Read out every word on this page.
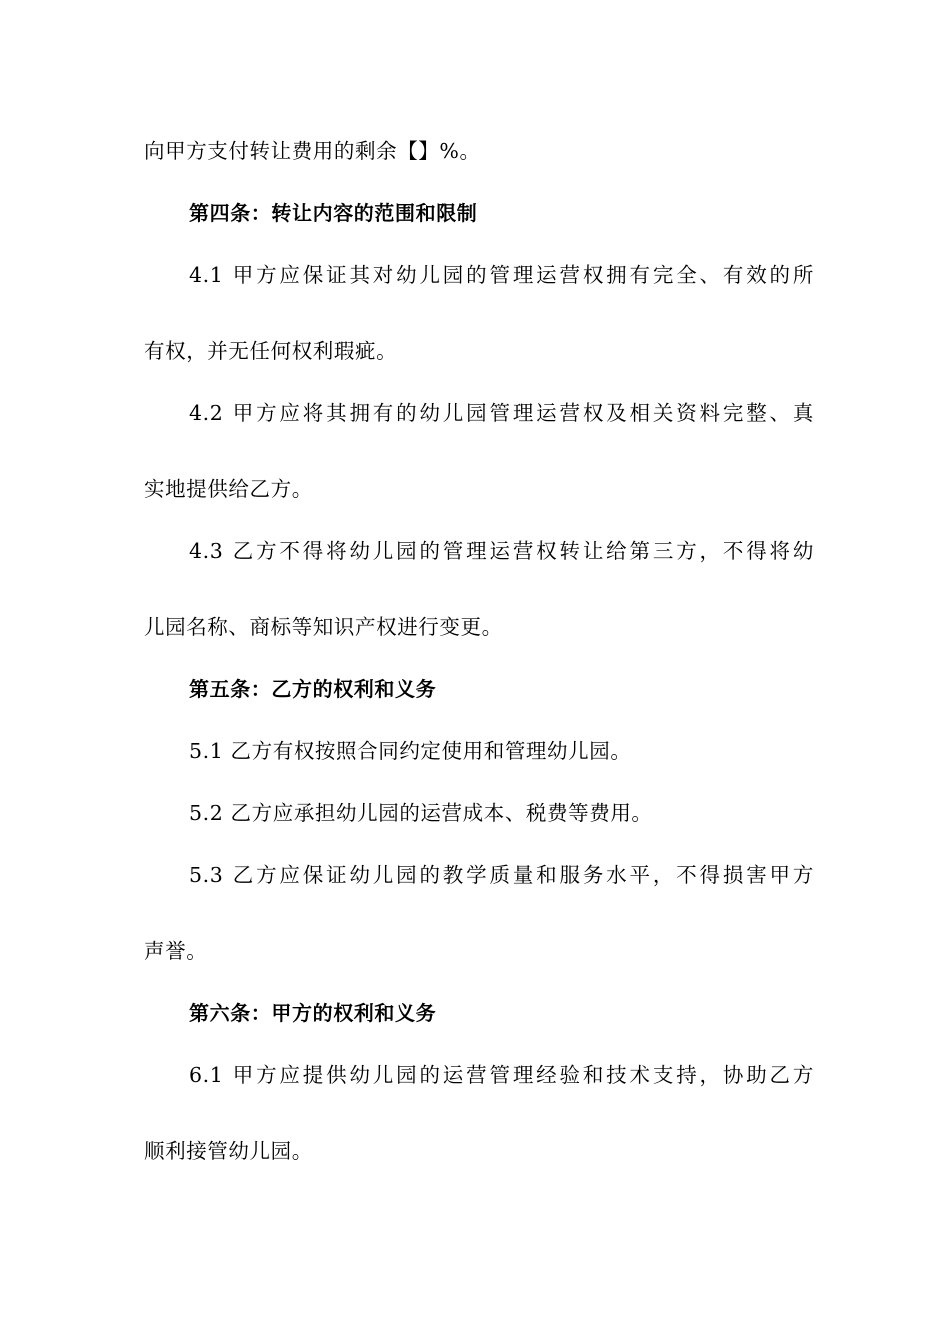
向甲方支付转让费用的剩余【】%。
第四条：转让内容的范围和限制
4.1 甲方应保证其对幼儿园的管理运营权拥有完全、有效的所
有权，并无任何权利瑕疵。
4.2 甲方应将其拥有的幼儿园管理运营权及相关资料完整、真
实地提供给乙方。
4.3 乙方不得将幼儿园的管理运营权转让给第三方，不得将幼
儿园名称、商标等知识产权进行变更。
第五条：乙方的权利和义务
5.1 乙方有权按照合同约定使用和管理幼儿园。
5.2 乙方应承担幼儿园的运营成本、税费等费用。
5.3 乙方应保证幼儿园的教学质量和服务水平，不得损害甲方
声誉。
第六条：甲方的权利和义务
6.1 甲方应提供幼儿园的运营管理经验和技术支持，协助乙方
顺利接管幼儿园。
